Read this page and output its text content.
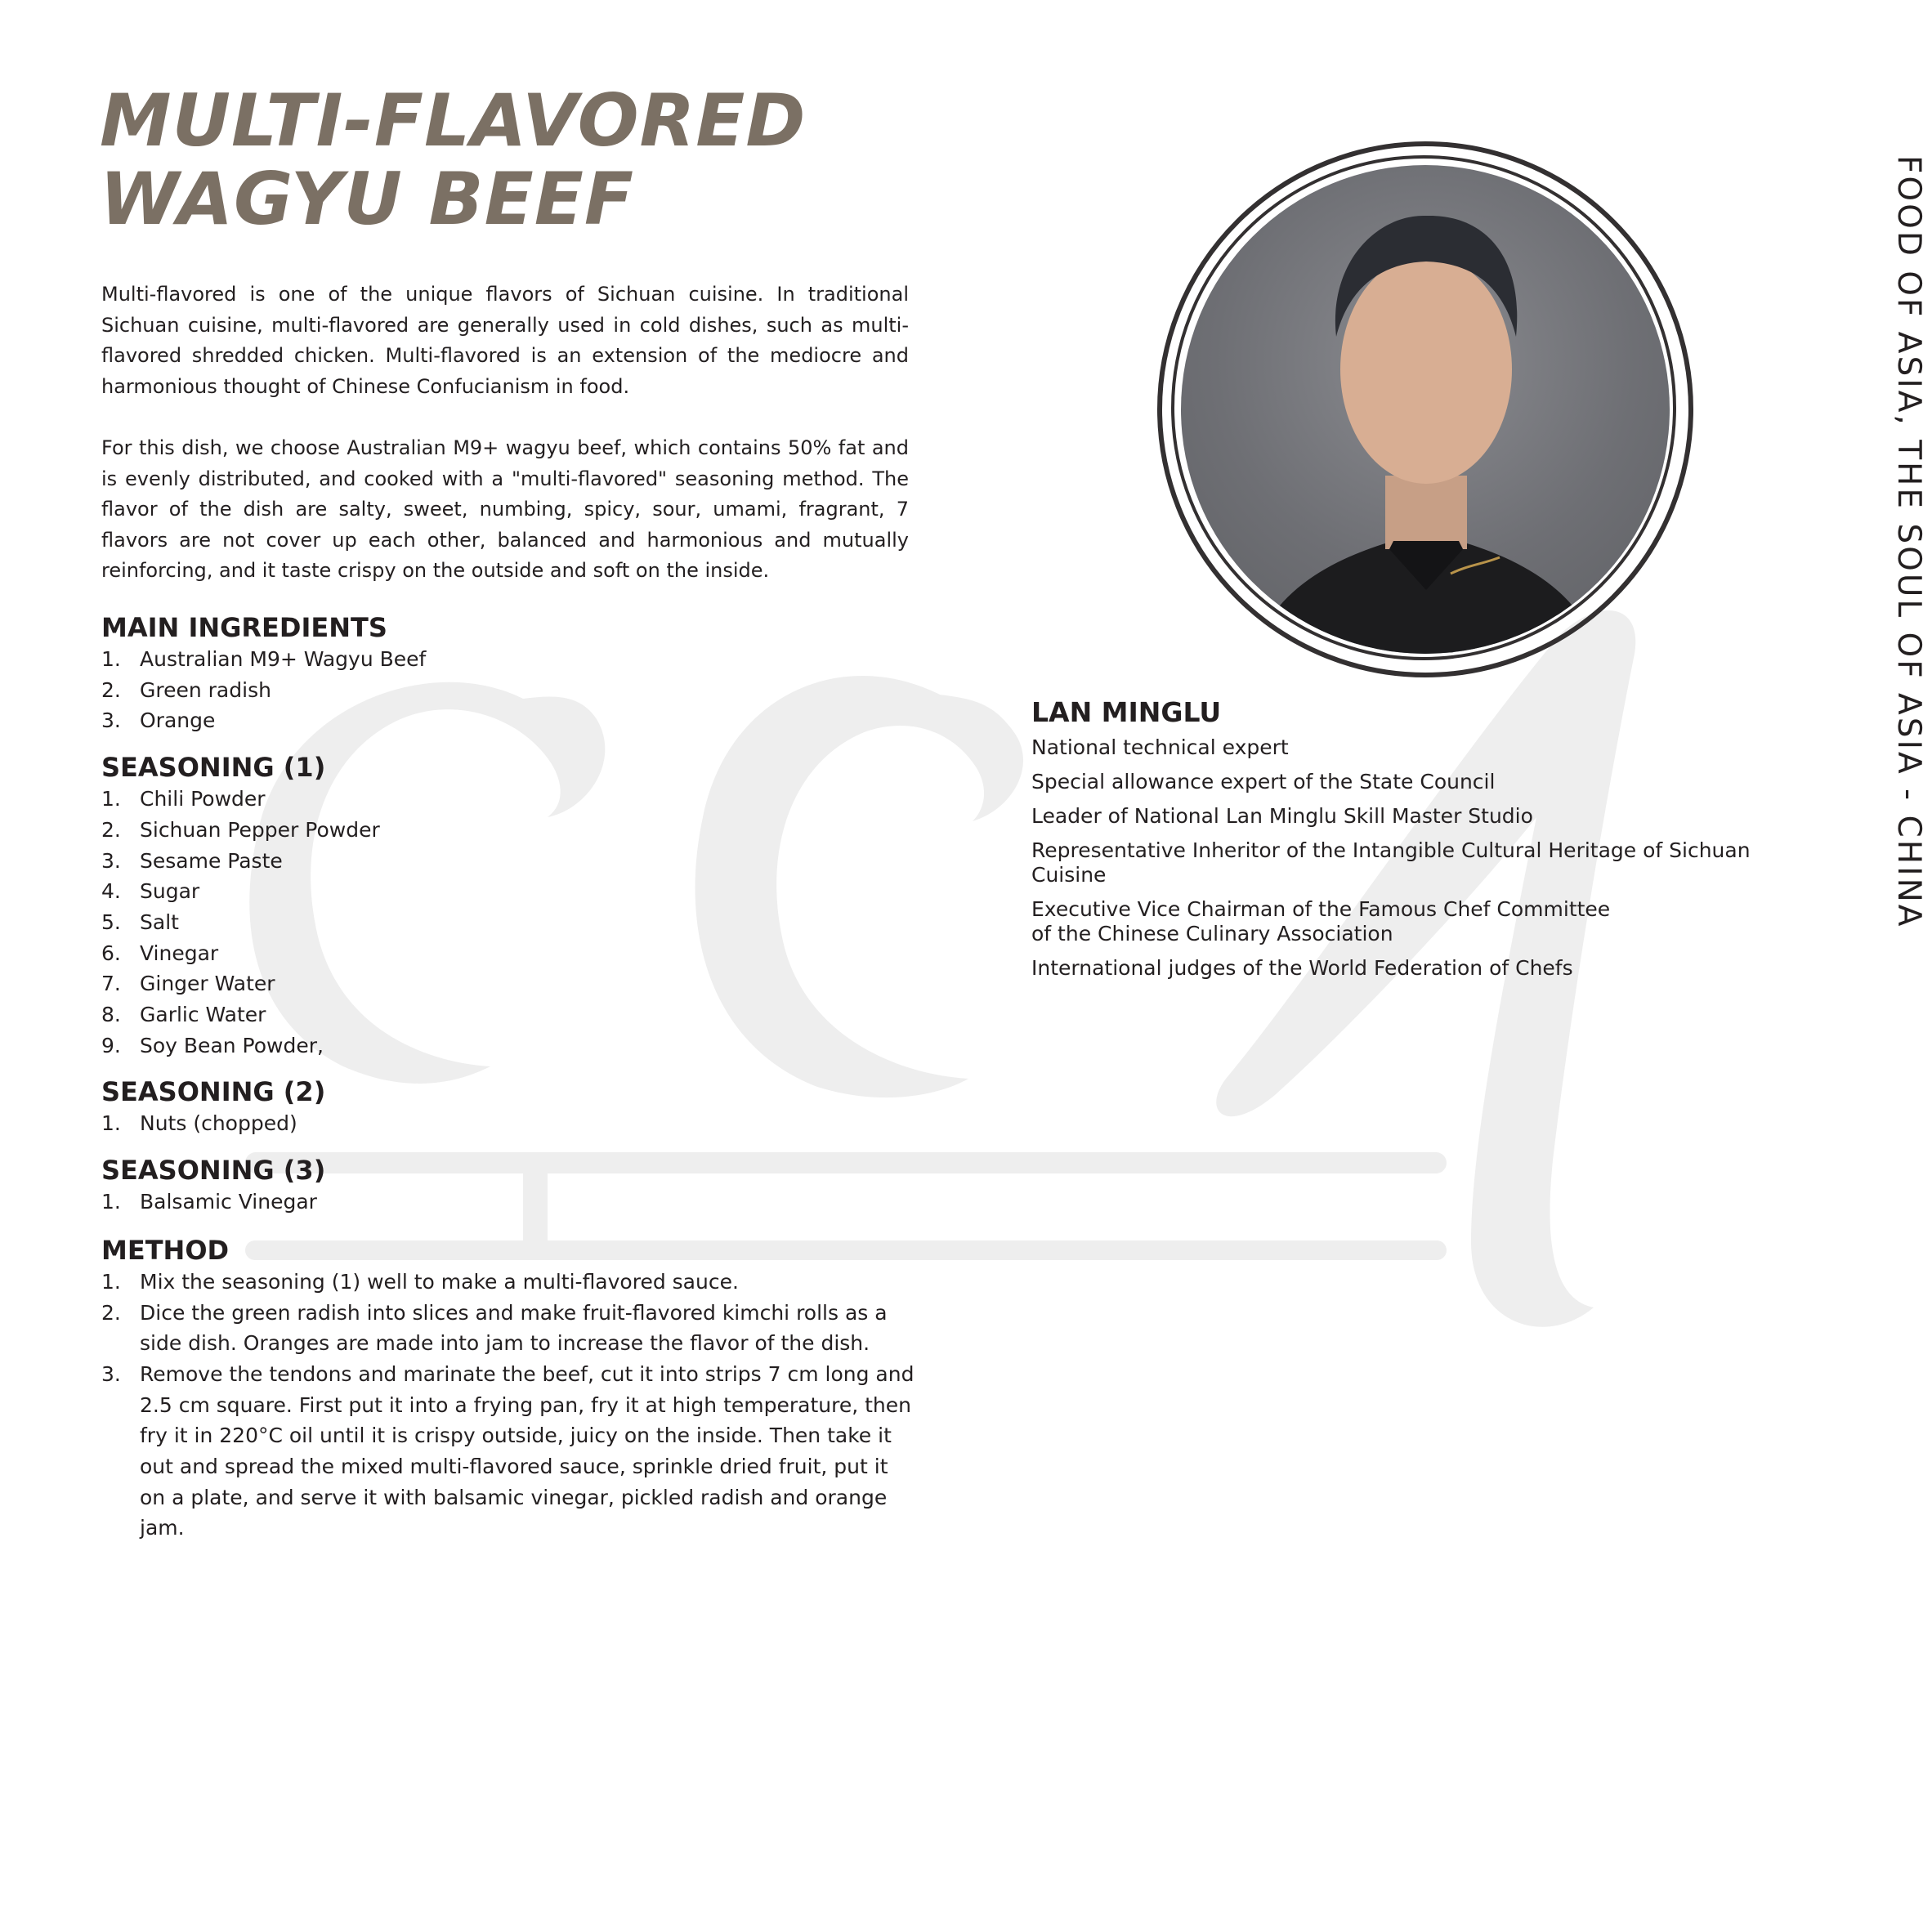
MULTI-FLAVORED
WAGYU BEEF

Multi-flavored is one of the unique flavors of Sichuan cuisine. In traditional Sichuan cuisine, multi-flavored are generally used in cold dishes, such as multi-flavored shredded chicken. Multi-flavored is an extension of the mediocre and harmonious thought of Chinese Confucianism in food.

For this dish, we choose Australian M9+ wagyu beef, which contains 50% fat and is evenly distributed, and cooked with a "multi-flavored" seasoning method. The flavor of the dish are salty, sweet, numbing, spicy, sour, umami, fragrant, 7 flavors are not cover up each other, balanced and harmonious and mutually reinforcing, and it taste crispy on the outside and soft on the inside.

MAIN INGREDIENTS
1. Australian M9+ Wagyu Beef
2. Green radish
3. Orange
SEASONING (1)
1. Chili Powder
2. Sichuan Pepper Powder
3. Sesame Paste
4. Sugar
5. Salt
6. Vinegar
7. Ginger Water
8. Garlic Water
9. Soy Bean Powder,
SEASONING (2)
1. Nuts (chopped)
SEASONING (3)
1. Balsamic Vinegar
METHOD
1. Mix the seasoning (1) well to make a multi-flavored sauce.
2. Dice the green radish into slices and make fruit-flavored kimchi rolls as a side dish. Oranges are made into jam to increase the flavor of the dish.
3. Remove the tendons and marinate the beef, cut it into strips 7 cm long and 2.5 cm square. First put it into a frying pan, fry it at high temperature, then fry it in 220°C oil until it is crispy outside, juicy on the inside. Then take it out and spread the mixed multi-flavored sauce, sprinkle dried fruit, put it on a plate, and serve it with balsamic vinegar, pickled radish and orange jam.
LAN MINGLU
National technical expert
Special allowance expert of the State Council
Leader of National Lan Minglu Skill Master Studio
Representative Inheritor of the Intangible Cultural Heritage of Sichuan Cuisine
Executive Vice Chairman of the Famous Chef Committee
of the Chinese Culinary Association
International judges of the World Federation of Chefs
FOOD OF ASIA, THE SOUL OF ASIA - CHINA
